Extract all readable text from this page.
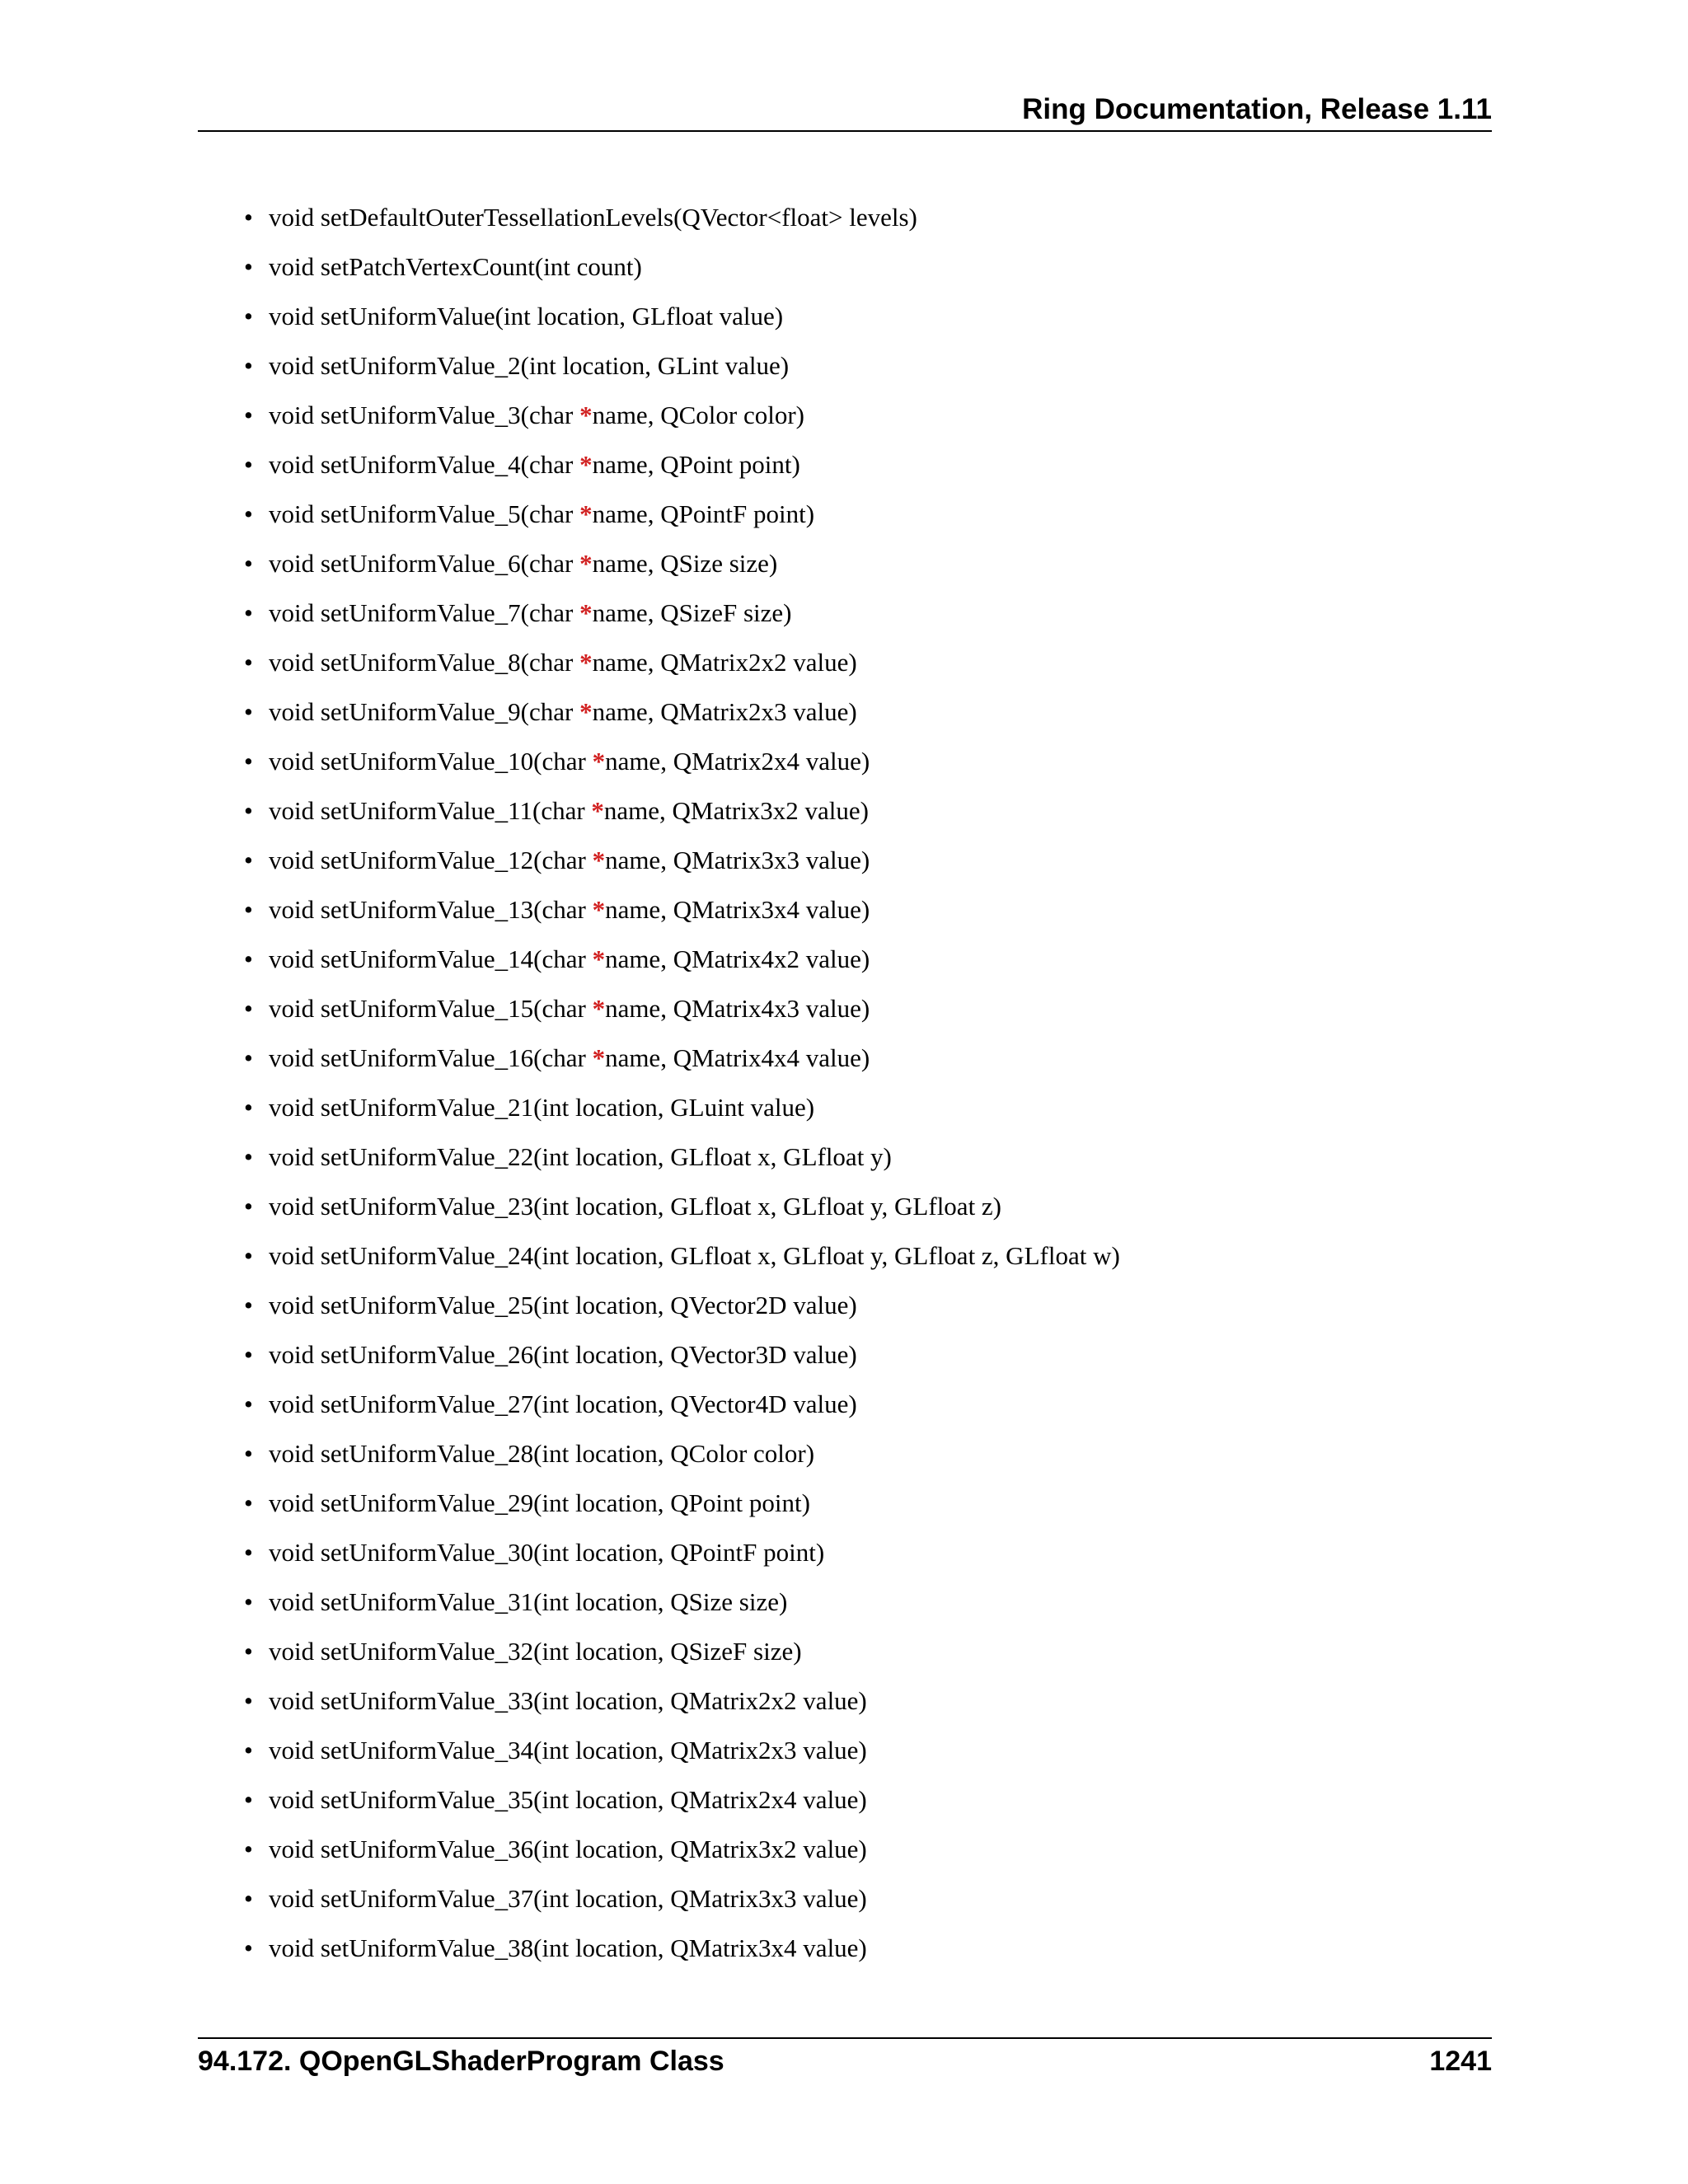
Ring Documentation, Release 1.11
• void setDefaultOuterTessellationLevels(QVector<float> levels)
• void setPatchVertexCount(int count)
• void setUniformValue(int location, GLfloat value)
• void setUniformValue_2(int location, GLint value)
• void setUniformValue_3(char *name, QColor color)
• void setUniformValue_4(char *name, QPoint point)
• void setUniformValue_5(char *name, QPointF point)
• void setUniformValue_6(char *name, QSize size)
• void setUniformValue_7(char *name, QSizeF size)
• void setUniformValue_8(char *name, QMatrix2x2 value)
• void setUniformValue_9(char *name, QMatrix2x3 value)
• void setUniformValue_10(char *name, QMatrix2x4 value)
• void setUniformValue_11(char *name, QMatrix3x2 value)
• void setUniformValue_12(char *name, QMatrix3x3 value)
• void setUniformValue_13(char *name, QMatrix3x4 value)
• void setUniformValue_14(char *name, QMatrix4x2 value)
• void setUniformValue_15(char *name, QMatrix4x3 value)
• void setUniformValue_16(char *name, QMatrix4x4 value)
• void setUniformValue_21(int location, GLuint value)
• void setUniformValue_22(int location, GLfloat x, GLfloat y)
• void setUniformValue_23(int location, GLfloat x, GLfloat y, GLfloat z)
• void setUniformValue_24(int location, GLfloat x, GLfloat y, GLfloat z, GLfloat w)
• void setUniformValue_25(int location, QVector2D value)
• void setUniformValue_26(int location, QVector3D value)
• void setUniformValue_27(int location, QVector4D value)
• void setUniformValue_28(int location, QColor color)
• void setUniformValue_29(int location, QPoint point)
• void setUniformValue_30(int location, QPointF point)
• void setUniformValue_31(int location, QSize size)
• void setUniformValue_32(int location, QSizeF size)
• void setUniformValue_33(int location, QMatrix2x2 value)
• void setUniformValue_34(int location, QMatrix2x3 value)
• void setUniformValue_35(int location, QMatrix2x4 value)
• void setUniformValue_36(int location, QMatrix3x2 value)
• void setUniformValue_37(int location, QMatrix3x3 value)
• void setUniformValue_38(int location, QMatrix3x4 value)
94.172. QOpenGLShaderProgram Class	1241
